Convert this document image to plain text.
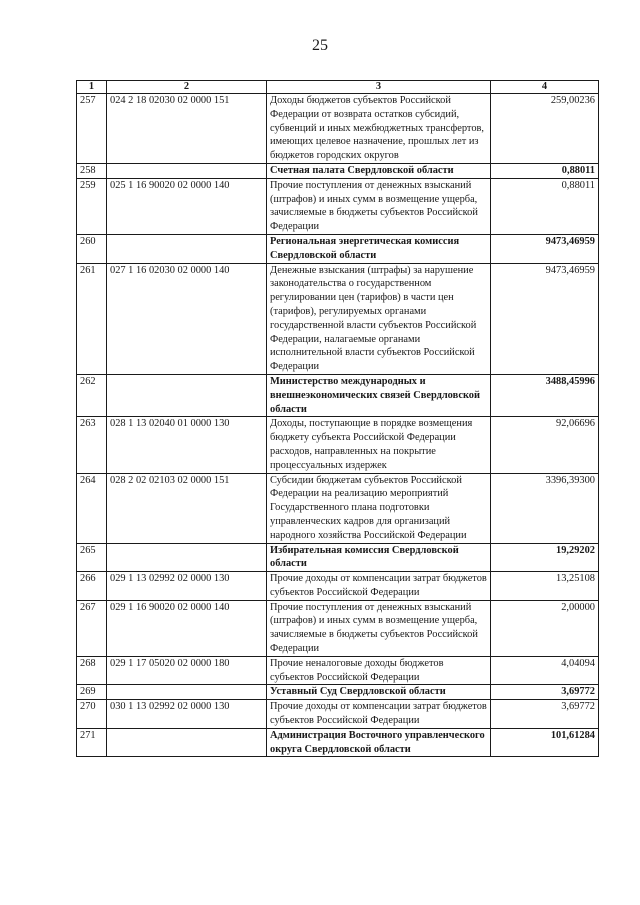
25
1	2	3	4
257	024 2 18 02030 02 0000 151	Доходы бюджетов субъектов Российской Федерации от возврата остатков субсидий, субвенций и иных межбюджетных трансфертов, имеющих целевое назначение, прошлых лет из бюджетов городских округов	259,00236
258		Счетная палата Свердловской области	0,88011
259	025 1 16 90020 02 0000 140	Прочие поступления от денежных взысканий (штрафов) и иных сумм в возмещение ущерба, зачисляемые в бюджеты субъектов Российской Федерации	0,88011
260		Региональная энергетическая комиссия Свердловской области	9473,46959
261	027 1 16 02030 02 0000 140	Денежные взыскания (штрафы) за нарушение законодательства о государственном регулировании цен (тарифов) в части цен (тарифов), регулируемых органами государственной власти субъектов Российской Федерации, налагаемые органами исполнительной власти субъектов Российской Федерации	9473,46959
262		Министерство международных и внешнеэкономических связей Свердловской области	3488,45996
263	028 1 13 02040 01 0000 130	Доходы, поступающие в порядке возмещения бюджету субъекта Российской Федерации расходов, направленных на покрытие процессуальных издержек	92,06696
264	028 2 02 02103 02 0000 151	Субсидии бюджетам субъектов Российской Федерации на реализацию мероприятий Государственного плана подготовки управленческих кадров для организаций народного хозяйства Российской Федерации	3396,39300
265		Избирательная комиссия Свердловской области	19,29202
266	029 1 13 02992 02 0000 130	Прочие доходы от компенсации затрат бюджетов субъектов Российской Федерации	13,25108
267	029 1 16 90020 02 0000 140	Прочие поступления от денежных взысканий (штрафов) и иных сумм в возмещение ущерба, зачисляемые в бюджеты субъектов Российской Федерации	2,00000
268	029 1 17 05020 02 0000 180	Прочие неналоговые доходы бюджетов субъектов Российской Федерации	4,04094
269		Уставный Суд Свердловской области	3,69772
270	030 1 13 02992 02 0000 130	Прочие доходы от компенсации затрат бюджетов субъектов Российской Федерации	3,69772
271		Администрация Восточного управленческого округа Свердловской области	101,61284
